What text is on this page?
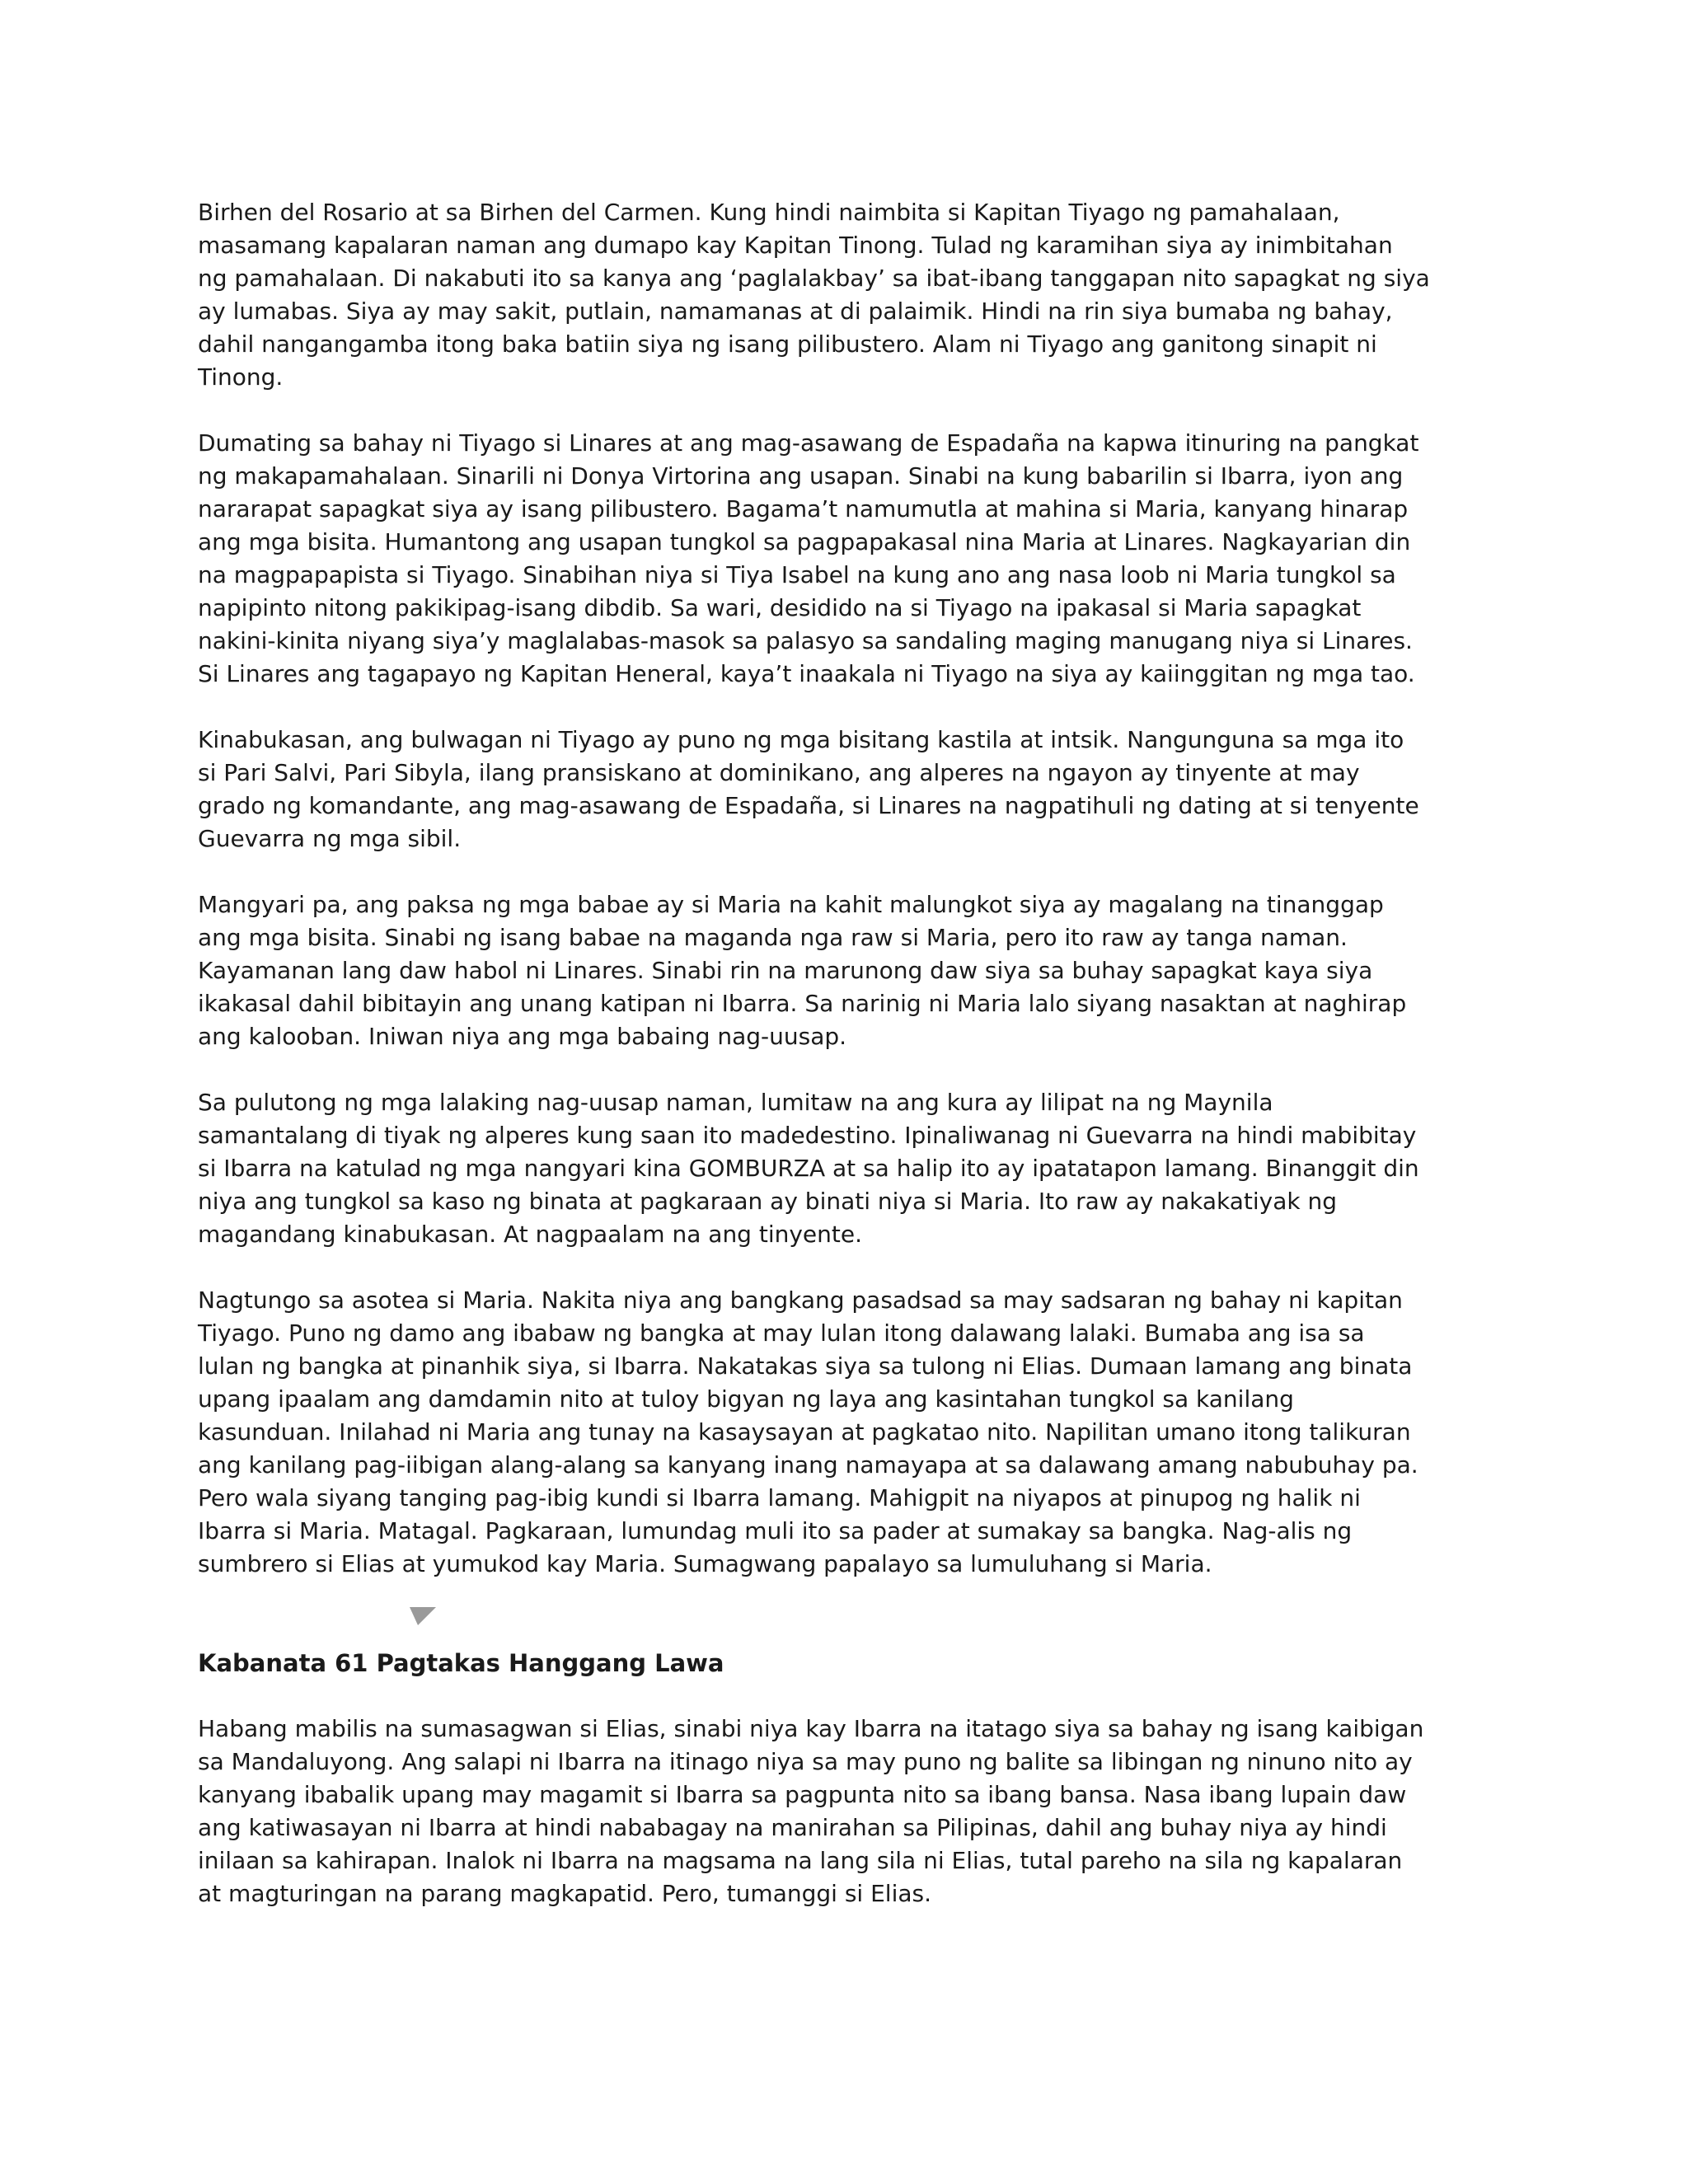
Birhen del Rosario at sa Birhen del Carmen. Kung hindi naimbita si Kapitan Tiyago ng pamahalaan,
masamang kapalaran naman ang dumapo kay Kapitan Tinong. Tulad ng karamihan siya ay inimbitahan
ng pamahalaan. Di nakabuti ito sa kanya ang ‘paglalakbay’ sa ibat-ibang tanggapan nito sapagkat ng siya
ay lumabas. Siya ay may sakit, putlain, namamanas at di palaimik. Hindi na rin siya bumaba ng bahay,
dahil nangangamba itong baka batiin siya ng isang pilibustero. Alam ni Tiyago ang ganitong sinapit ni
Tinong.

Dumating sa bahay ni Tiyago si Linares at ang mag-asawang de Espadaña na kapwa itinuring na pangkat
ng makapamahalaan. Sinarili ni Donya Virtorina ang usapan. Sinabi na kung babarilin si Ibarra, iyon ang
nararapat sapagkat siya ay isang pilibustero. Bagama’t namumutla at mahina si Maria, kanyang hinarap
ang mga bisita. Humantong ang usapan tungkol sa pagpapakasal nina Maria at Linares. Nagkayarian din
na magpapapista si Tiyago. Sinabihan niya si Tiya Isabel na kung ano ang nasa loob ni Maria tungkol sa
napipinto nitong pakikipag-isang dibdib. Sa wari, desidido na si Tiyago na ipakasal si Maria sapagkat
nakini-kinita niyang siya’y maglalabas-masok sa palasyo sa sandaling maging manugang niya si Linares.
Si Linares ang tagapayo ng Kapitan Heneral, kaya’t inaakala ni Tiyago na siya ay kaiinggitan ng mga tao.

Kinabukasan, ang bulwagan ni Tiyago ay puno ng mga bisitang kastila at intsik. Nangunguna sa mga ito
si Pari Salvi, Pari Sibyla, ilang pransiskano at dominikano, ang alperes na ngayon ay tinyente at may
grado ng komandante, ang mag-asawang de Espadaña, si Linares na nagpatihuli ng dating at si tenyente
Guevarra ng mga sibil.

Mangyari pa, ang paksa ng mga babae ay si Maria na kahit malungkot siya ay magalang na tinanggap
ang mga bisita. Sinabi ng isang babae na maganda nga raw si Maria, pero ito raw ay tanga naman.
Kayamanan lang daw habol ni Linares. Sinabi rin na marunong daw siya sa buhay sapagkat kaya siya
ikakasal dahil bibitayin ang unang katipan ni Ibarra. Sa narinig ni Maria lalo siyang nasaktan at naghirap
ang kalooban. Iniwan niya ang mga babaing nag-uusap.

Sa pulutong ng mga lalaking nag-uusap naman, lumitaw na ang kura ay lilipat na ng Maynila
samantalang di tiyak ng alperes kung saan ito madedestino. Ipinaliwanag ni Guevarra na hindi mabibitay
si Ibarra na katulad ng mga nangyari kina GOMBURZA at sa halip ito ay ipatatapon lamang. Binanggit din
niya ang tungkol sa kaso ng binata at pagkaraan ay binati niya si Maria. Ito raw ay nakakatiyak ng
magandang kinabukasan. At nagpaalam na ang tinyente.

Nagtungo sa asotea si Maria. Nakita niya ang bangkang pasadsad sa may sadsaran ng bahay ni kapitan
Tiyago. Puno ng damo ang ibabaw ng bangka at may lulan itong dalawang lalaki. Bumaba ang isa sa
lulan ng bangka at pinanhik siya, si Ibarra. Nakatakas siya sa tulong ni Elias. Dumaan lamang ang binata
upang ipaalam ang damdamin nito at tuloy bigyan ng laya ang kasintahan tungkol sa kanilang
kasunduan. Inilahad ni Maria ang tunay na kasaysayan at pagkatao nito. Napilitan umano itong talikuran
ang kanilang pag-iibigan alang-alang sa kanyang inang namayapa at sa dalawang amang nabubuhay pa.
Pero wala siyang tanging pag-ibig kundi si Ibarra lamang. Mahigpit na niyapos at pinupog ng halik ni
Ibarra si Maria. Matagal. Pagkaraan, lumundag muli ito sa pader at sumakay sa bangka. Nag-alis ng
sumbrero si Elias at yumukod kay Maria. Sumagwang papalayo sa lumuluhang si Maria.

Kabanata 61 Pagtakas Hanggang Lawa

Habang mabilis na sumasagwan si Elias, sinabi niya kay Ibarra na itatago siya sa bahay ng isang kaibigan
sa Mandaluyong. Ang salapi ni Ibarra na itinago niya sa may puno ng balite sa libingan ng ninuno nito ay
kanyang ibabalik upang may magamit si Ibarra sa pagpunta nito sa ibang bansa. Nasa ibang lupain daw
ang katiwasayan ni Ibarra at hindi nababagay na manirahan sa Pilipinas, dahil ang buhay niya ay hindi
inilaan sa kahirapan. Inalok ni Ibarra na magsama na lang sila ni Elias, tutal pareho na sila ng kapalaran
at magturingan na parang magkapatid. Pero, tumanggi si Elias.
